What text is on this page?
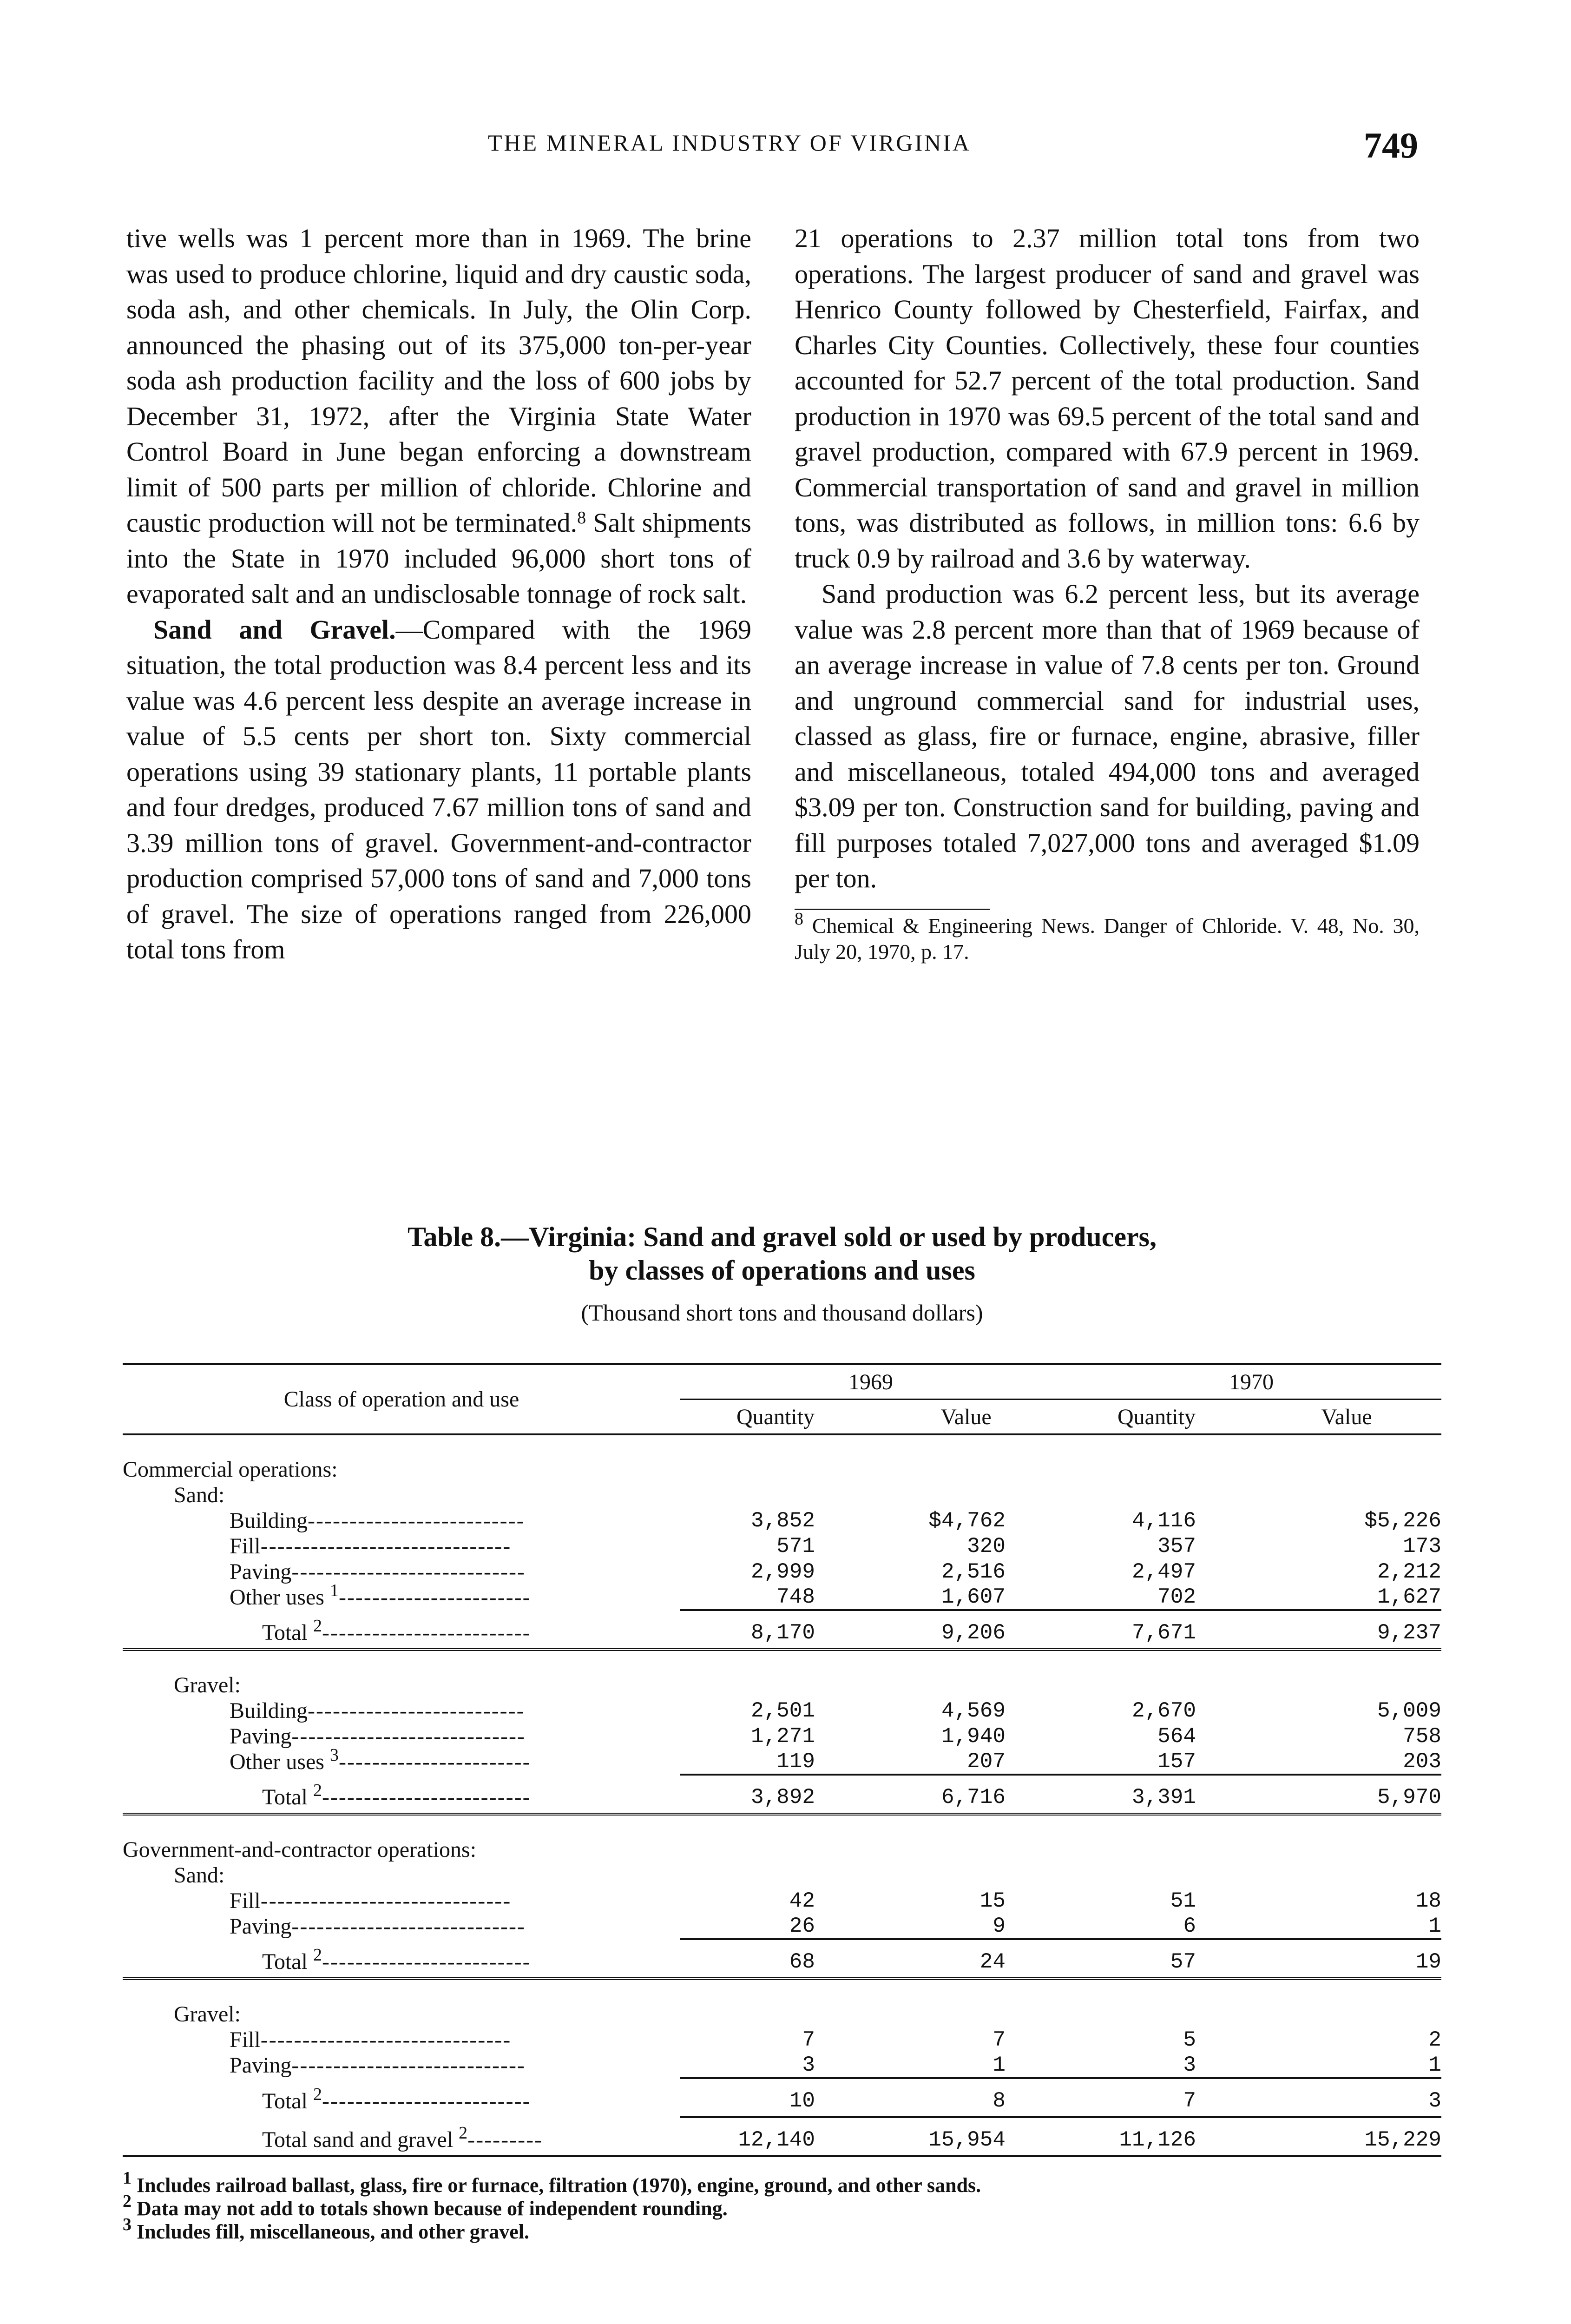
THE MINERAL INDUSTRY OF VIRGINIA	749

tive wells was 1 percent more than in 1969. The brine was used to produce chlorine, liquid and dry caustic soda, soda ash, and other chemicals. In July, the Olin Corp. announced the phasing out of its 375,000 ton-per-year soda ash production facility and the loss of 600 jobs by December 31, 1972, after the Virginia State Water Control Board in June began enforcing a downstream limit of 500 parts per million of chloride. Chlorine and caustic production will not be terminated.$^8$ Salt shipments into the State in 1970 included 96,000 short tons of evaporated salt and an undisclosable tonnage of rock salt.

Sand and Gravel.—Compared with the 1969 situation, the total production was 8.4 percent less and its value was 4.6 percent less despite an average increase in value of 5.5 cents per short ton. Sixty commercial operations using 39 stationary plants, 11 portable plants and four dredges, produced 7.67 million tons of sand and 3.39 million tons of gravel. Government-and-contractor production comprised 57,000 tons of sand and 7,000 tons of gravel. The size of operations ranged from 226,000 total tons from

21 operations to 2.37 million total tons from two operations. The largest producer of sand and gravel was Henrico County followed by Chesterfield, Fairfax, and Charles City Counties. Collectively, these four counties accounted for 52.7 percent of the total production. Sand production in 1970 was 69.5 percent of the total sand and gravel production, compared with 67.9 percent in 1969. Commercial transportation of sand and gravel in million tons, was distributed as follows, in million tons: 6.6 by truck 0.9 by railroad and 3.6 by waterway.

Sand production was 6.2 percent less, but its average value was 2.8 percent more than that of 1969 because of an average increase in value of 7.8 cents per ton. Ground and unground commercial sand for industrial uses, classed as glass, fire or furnace, engine, abrasive, filler and miscellaneous, totaled 494,000 tons and averaged $3.09 per ton. Construction sand for building, paving and fill purposes totaled 7,027,000 tons and averaged $1.09 per ton.

$^8$ Chemical & Engineering News. Danger of Chloride. V. 48, No. 30, July 20, 1970, p. 17.
Table 8.—Virginia: Sand and gravel sold or used by producers,
by classes of operations and uses
(Thousand short tons and thousand dollars)
Class of operation and use	1969		1970	
	Quantity	Value	Quantity	Value

Commercial operations:				
Sand:				
Building--------------------------	3,852	$4,762	4,116	$5,226
Fill------------------------------	571	320	357	173
Paving----------------------------	2,999	2,516	2,497	2,212
Other uses $^1$-----------------------	748	1,607	702	1,627
Total $^2$-------------------------	8,170	9,206	7,671	9,237

Gravel:				
Building--------------------------	2,501	4,569	2,670	5,009
Paving----------------------------	1,271	1,940	564	758
Other uses $^3$-----------------------	119	207	157	203
Total $^2$-------------------------	3,892	6,716	3,391	5,970

Government-and-contractor operations:				
Sand:				
Fill------------------------------	42	15	51	18
Paving----------------------------	26	9	6	1
Total $^2$-------------------------	68	24	57	19

Gravel:				
Fill------------------------------	7	7	5	2
Paving----------------------------	3	1	3	1
Total $^2$-------------------------	10	8	7	3
Total sand and gravel $^2$---------	12,140	15,954	11,126	15,229

$^1$ Includes railroad ballast, glass, fire or furnace, filtration (1970), engine, ground, and other sands.
$^2$ Data may not add to totals shown because of independent rounding.
$^3$ Includes fill, miscellaneous, and other gravel.
